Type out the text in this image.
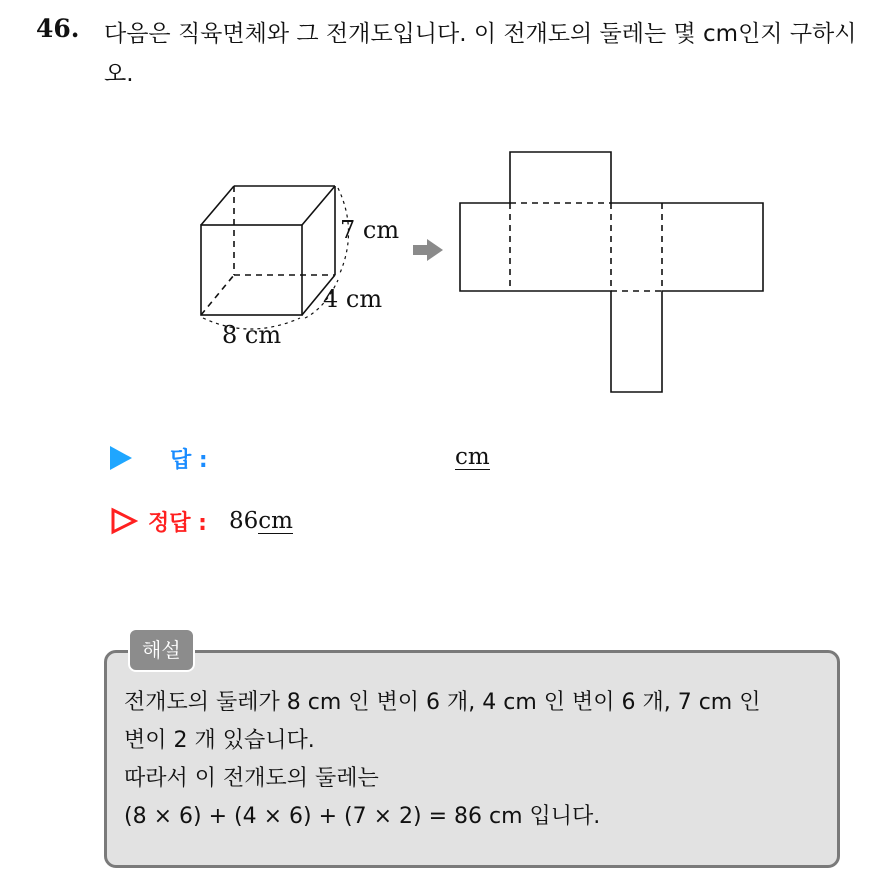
46. 다음은 직육면체와 그 전개도입니다. 이 전개도의 둘레는 몇 cm인지 구하시오.
7 cm
4 cm
8 cm
답 :	cm
정답 : 86 cm
해설
전개도의 둘레가 8 cm 인 변이 6 개, 4 cm 인 변이 6 개, 7 cm 인
변이 2 개 있습니다.
따라서 이 전개도의 둘레는
(8 × 6) + (4 × 6) + (7 × 2) = 86 cm 입니다.
